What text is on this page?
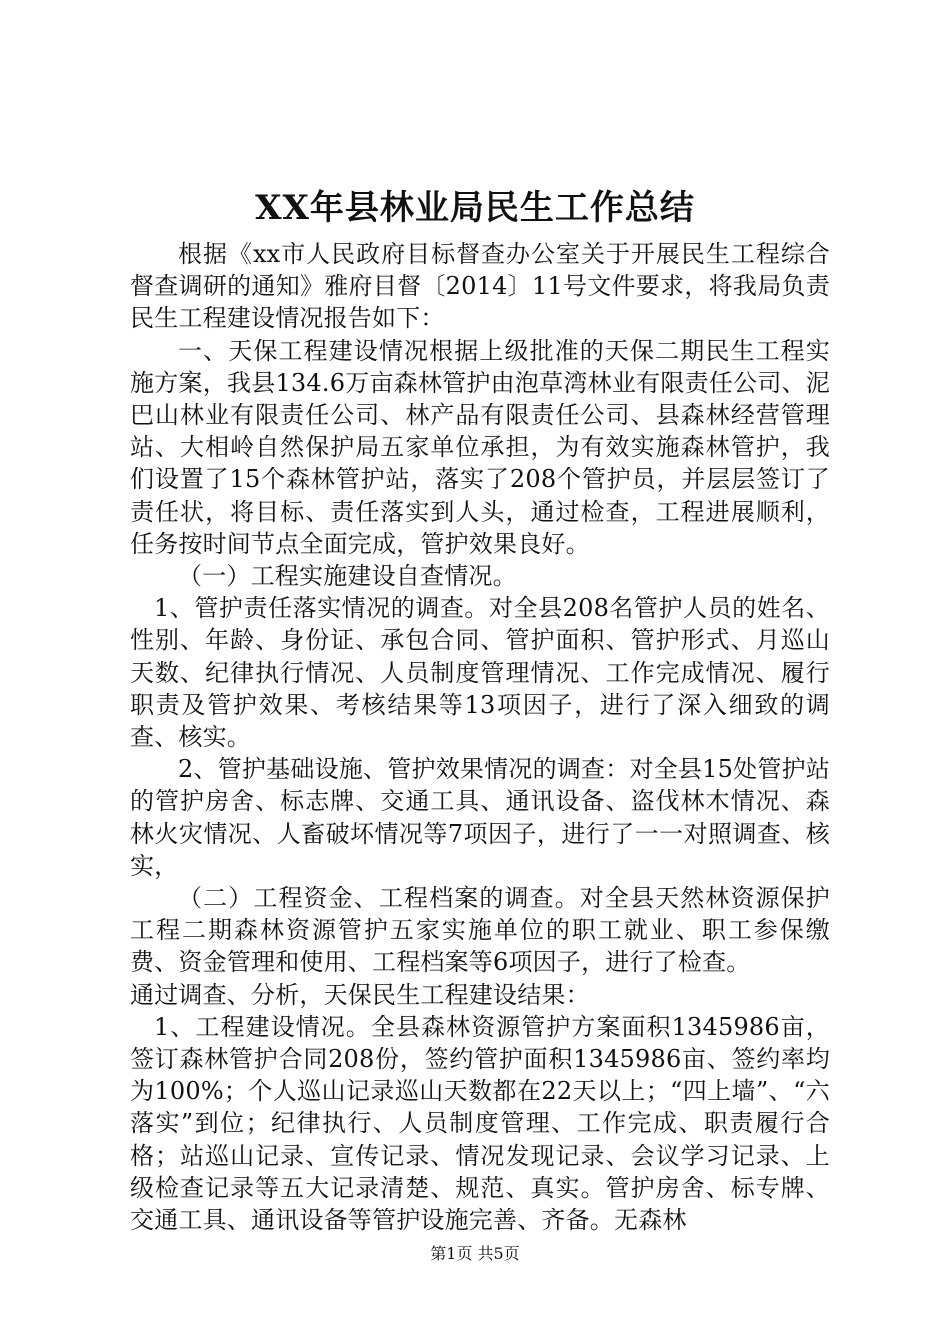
XX年县林业局民生工作总结

根据《xx市人民政府目标督查办公室关于开展民生工程综合督查调研的通知》雅府目督〔2014〕11号文件要求，将我局负责民生工程建设情况报告如下：

一、天保工程建设情况根据上级批准的天保二期民生工程实施方案，我县134.6万亩森林管护由泡草湾林业有限责任公司、泥巴山林业有限责任公司、林产品有限责任公司、县森林经营管理站、大相岭自然保护局五家单位承担，为有效实施森林管护，我们设置了15个森林管护站，落实了208个管护员，并层层签订了责任状，将目标、责任落实到人头，通过检查，工程进展顺利，任务按时间节点全面完成，管护效果良好。

（一）工程实施建设自查情况。

1、管护责任落实情况的调查。对全县208名管护人员的姓名、性别、年龄、身份证、承包合同、管护面积、管护形式、月巡山天数、纪律执行情况、人员制度管理情况、工作完成情况、履行职责及管护效果、考核结果等13项因子，进行了深入细致的调查、核实。

2、管护基础设施、管护效果情况的调查：对全县15处管护站的管护房舍、标志牌、交通工具、通讯设备、盗伐林木情况、森林火灾情况、人畜破坏情况等7项因子，进行了一一对照调查、核实，

（二）工程资金、工程档案的调查。对全县天然林资源保护工程二期森林资源管护五家实施单位的职工就业、职工参保缴费、资金管理和使用、工程档案等6项因子，进行了检查。

通过调查、分析，天保民生工程建设结果：

1、工程建设情况。全县森林资源管护方案面积1345986亩，签订森林管护合同208份，签约管护面积1345986亩、签约率均为100%；个人巡山记录巡山天数都在22天以上；“四上墙”、“六落实”到位；纪律执行、人员制度管理、工作完成、职责履行合格；站巡山记录、宣传记录、情况发现记录、会议学习记录、上级检查记录等五大记录清楚、规范、真实。管护房舍、标专牌、交通工具、通讯设备等管护设施完善、齐备。无森林

第1页 共5页
